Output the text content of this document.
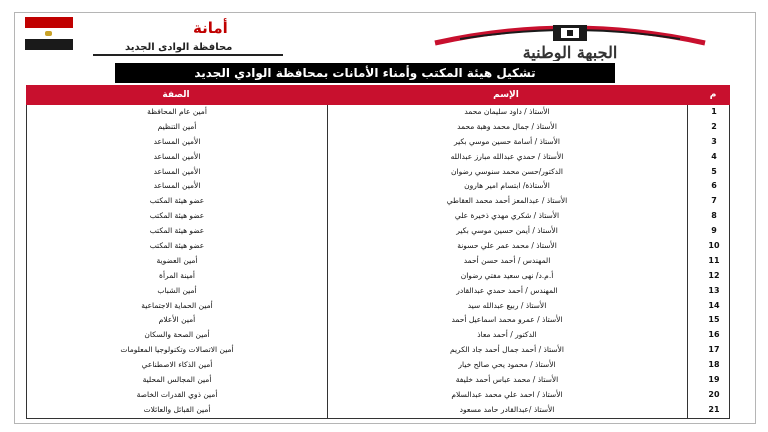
أمانة
محافظة الوادى الجديد	الجبهة الوطنية
تشكيل هيئة المكتب وأمناء الأمانات بمحافظة الوادي الجديد
الصفة	الإسم	م
أمين عام المحافظة	الأستاذ / داود سليمان محمد	1
أمين التنظيم	الأستاذ / جمال محمد وهبة محمد	2
الأمين المساعد	الأستاذ / أسامة حسين موسي بكير	3
الأمين المساعد	الأستاذ / حمدي عبدالله مبارز عبدالله	4
الأمين المساعد	الدكتور/حسن محمد سنوسي رضوان	5
الأمين المساعد	الأستاذة/ ابتسام امير هارون	6
عضو هيئة المكتب	الأستاذ / عبدالمعز أحمد محمد العقاطي	7
عضو هيئة المكتب	الأستاذ / شكري مهدي ذخيرة علي	8
عضو هيئة المكتب	الأستاذ / أيمن حسين موسي بكير	9
عضو هيئة المكتب	الأستاذ / محمد عمر علي حسونة	10
أمين العضوية	المهندس / أحمد حسن أحمد	11
أمينة المرأة	أ.م.د/ نهى سعيد مفتي رضوان	12
أمين الشباب	المهندس / أحمد حمدي عبدالقادر	13
أمين الحماية الاجتماعية	الأستاذ / ربيع عبدالله سيد	14
أمين الأعلام	الأستاذ / عمرو محمد اسماعيل أحمد	15
أمين الصحة والسكان	الدكتور / أحمد معاذ	16
أمين الاتصالات وتكنولوجيا المعلومات	الأستاذ / أحمد جمال أحمد جاد الكريم	17
أمين الذكاء الاصطناعي	الأستاذ / محمود يحي صالح خيار	18
أمين المجالس المحلية	الأستاذ / محمد عباس أحمد خليفة	19
أمين ذوي القدرات الخاصة	الأستاذ / احمد علي محمد عبدالسلام	20
أمين القبائل والعائلات	الأستاذ /عبدالقادر حامد مسعود	21
